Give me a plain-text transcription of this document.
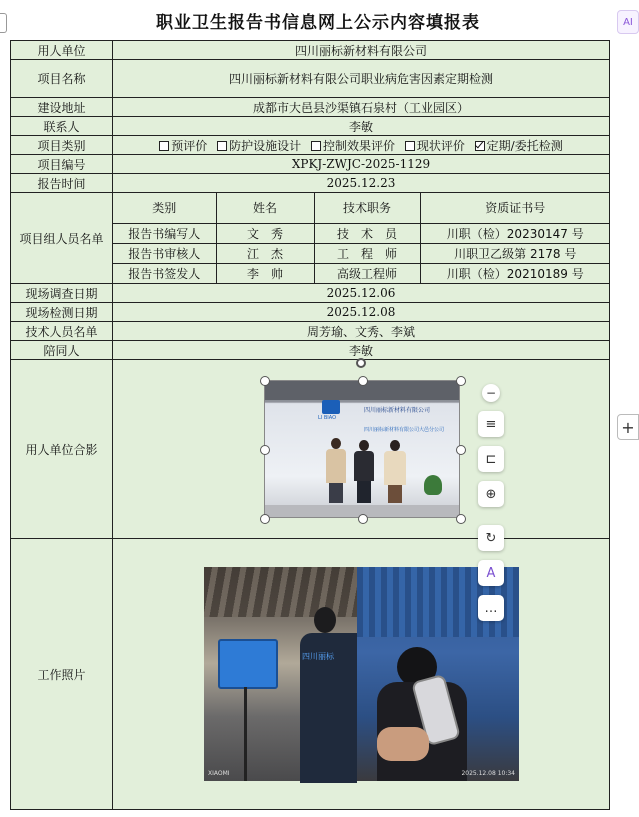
职业卫生报告书信息网上公示内容填报表	AI
+
用人单位	四川丽标新材料有限公司
项目名称	四川丽标新材料有限公司职业病危害因素定期检测
建设地址	成都市大邑县沙渠镇石泉村（工业园区）
联系人	李敏
项目类别	预评价 防护设施设计 控制效果评价 现状评价 定期/委托检测
项目编号	XPKJ-ZWJC-2025-1129
报告时间	2025.12.23
项目组人员名单	
类别	姓名	技术职务	资质证书号
报告书编写人	文　秀	技　术　员	川职（检）20230147 号
报告书审核人	江　杰	工　程　师	川职卫乙级第 2178 号
报告书签发人	李　帅	高级工程师	川职（检）20210189 号

现场调查日期	2025.12.06
现场检测日期	2025.12.08
技术人员名单	周芳瑜、文秀、李斌
陪同人	李敏
用人单位合影	
LI BIAO
四川丽标新材料有限公司
四川丽标新材料有限公司大邑分公司
−
≡
⊏
⊕

工作照片	
四川丽标
XIAOMI	2025.12.08 10:34
↻
A
…
